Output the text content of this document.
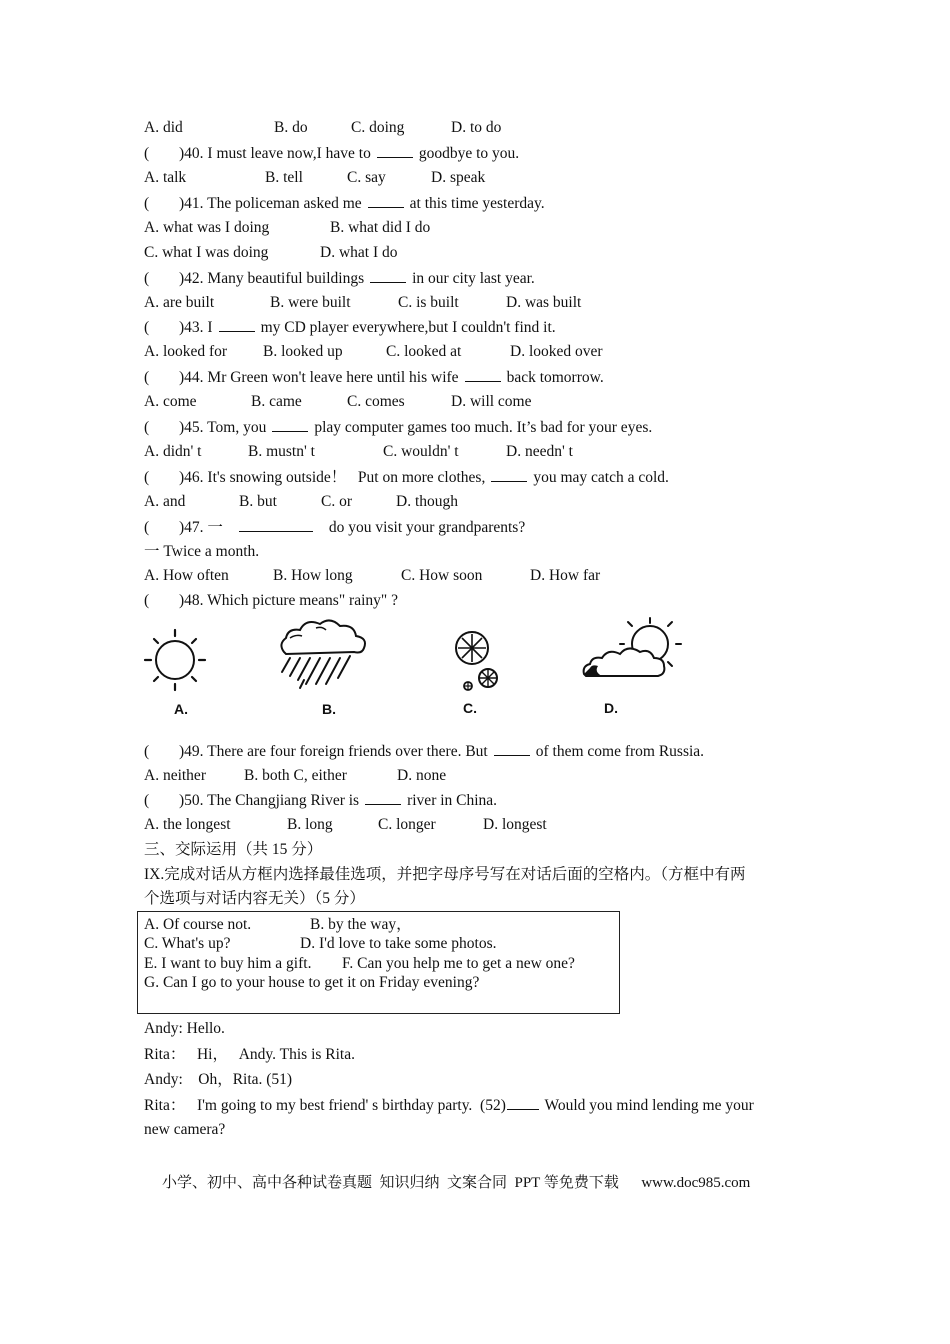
A. did	B. do	C. doing	D. to do
( )40. I must leave now,I have to	goodbye to you.
A. talk	B. tell	C. say	D. speak
( )41. The policeman asked me	at this time yesterday.
A. what was I doing	B. what did I do
C. what I was doing	D. what I do
( )42. Many beautiful buildings	in our city last year.
A. are built	B. were built	C. is built	D. was built
( )43. I	my CD player everywhere,but I couldn't find it.
A. looked for B. looked up	C. looked at	D. looked over
( )44. Mr Green won't leave here until his wife	back tomorrow.
A. come	B. came	C. comes	D. will come
( )45. Tom, you	play computer games too much. It’s bad for your eyes.
A. didn' t	B. mustn' t	C. wouldn' t	D. needn' t
( )46. It's snowing outside！   Put on more clothes,	you may catch a cold.
A. and	B. but	C. or	D. though
( )47. 一	do you visit your grandparents?
一 Twice a month.
A. How often	B. How long	C. How soon	D. How far
( )48. Which picture means" rainy" ?
A.	B.	C.	D.
( )49. There are four foreign friends over there. But	of them come from Russia.
A. neither B. both C, either	D. none
( )50. The Changjiang River is	river in China.
A. the longest	B. long	C. longer	D. longest
三、交际运用（共 15 分）
IX.完成对话从方框内选择最佳选项，并把字母序号写在对话后面的空格内。（方框中有两
个选项与对话内容无关）（5 分）
A. Of course not.	B. by the way，
C. What's up?	D. I'd love to take some photos.
E. I want to buy him a gift. F. Can you help me to get a new one?
G. Can I go to your house to get it on Friday evening?
Andy: Hello.
Rita：   Hi，   Andy. This is Rita.
Andy:    Oh，Rita. (51)
Rita：   I'm going to my best friend' s birthday party.  (52) Would you mind lending me your
new camera?
小学、初中、高中各种试卷真题  知识归纳  文案合同  PPT 等免费下载      www.doc985.com
